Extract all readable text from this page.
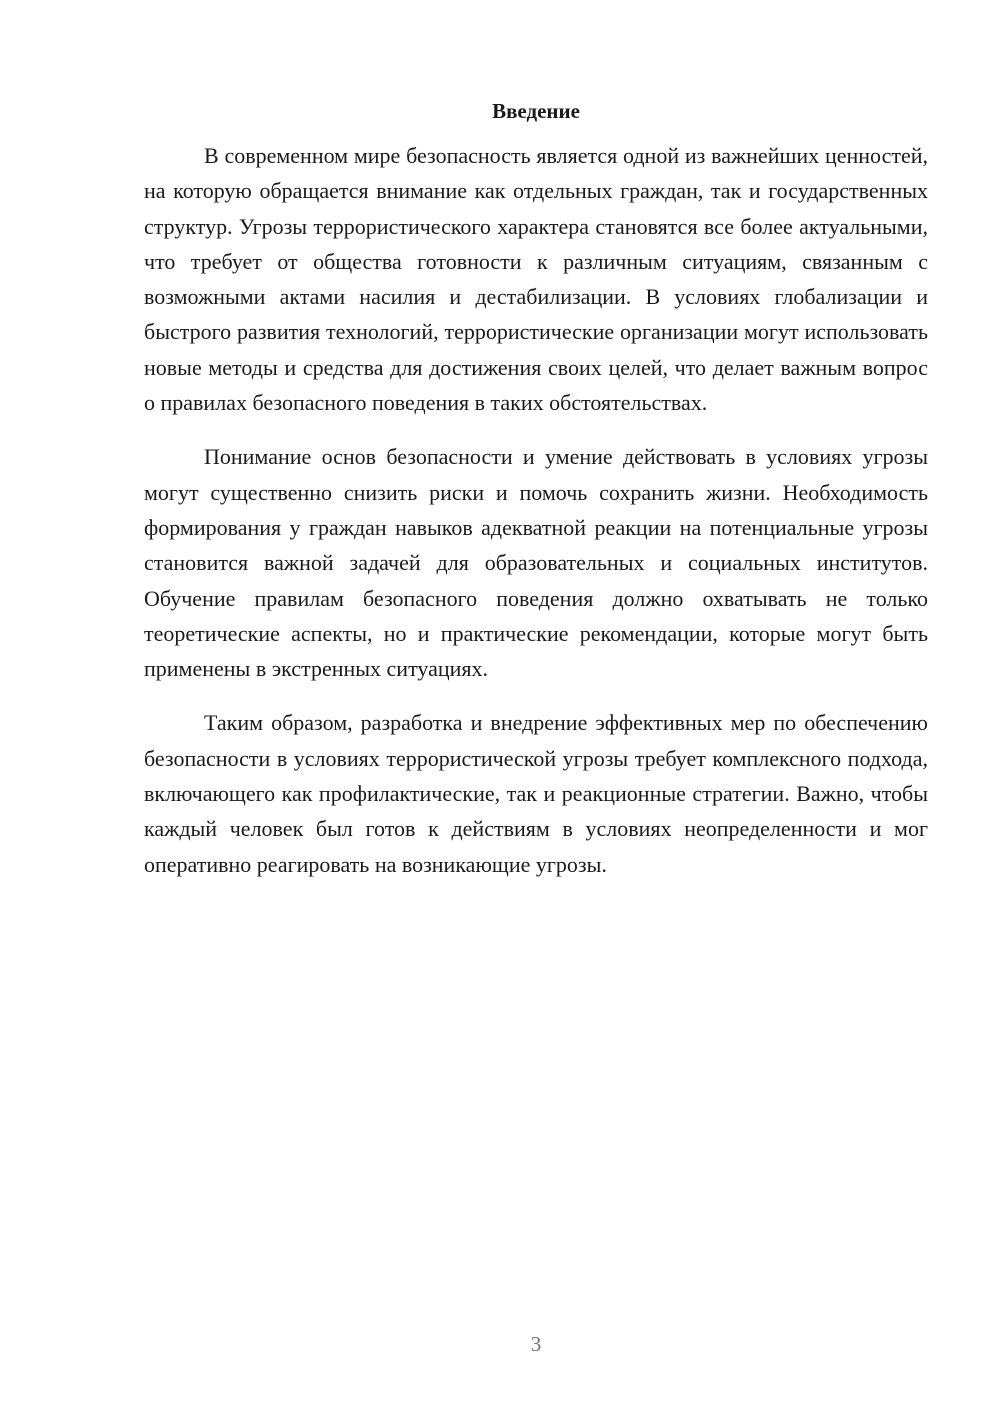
Введение

В современном мире безопасность является одной из важнейших ценностей, на которую обращается внимание как отдельных граждан, так и государственных структур. Угрозы террористического характера становятся все более актуальными, что требует от общества готовности к различным ситуациям, связанным с возможными актами насилия и дестабилизации. В условиях глобализации и быстрого развития технологий, террористические организации могут использовать новые методы и средства для достижения своих целей, что делает важным вопрос о правилах безопасного поведения в таких обстоятельствах.

Понимание основ безопасности и умение действовать в условиях угрозы могут существенно снизить риски и помочь сохранить жизни. Необходимость формирования у граждан навыков адекватной реакции на потенциальные угрозы становится важной задачей для образовательных и социальных институтов. Обучение правилам безопасного поведения должно охватывать не только теоретические аспекты, но и практические рекомендации, которые могут быть применены в экстренных ситуациях.

Таким образом, разработка и внедрение эффективных мер по обеспечению безопасности в условиях террористической угрозы требует комплексного подхода, включающего как профилактические, так и реакционные стратегии. Важно, чтобы каждый человек был готов к действиям в условиях неопределенности и мог оперативно реагировать на возникающие угрозы.

3
